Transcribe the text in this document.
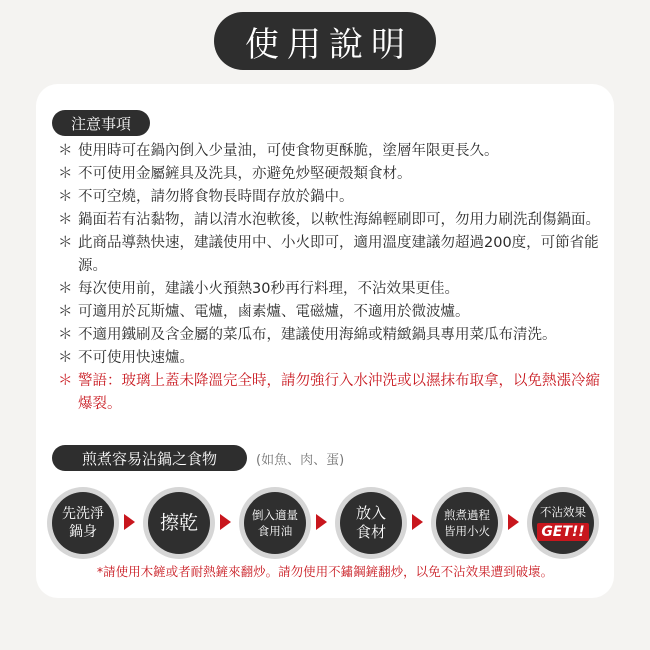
使用說明
注意事項
＊ 使用時可在鍋內倒入少量油，可使食物更酥脆，塗層年限更長久。
＊ 不可使用金屬鏟具及洗具，亦避免炒堅硬殼類食材。
＊ 不可空燒，請勿將食物長時間存放於鍋中。
＊ 鍋面若有沾黏物，請以清水泡軟後，以軟性海綿輕刷即可，勿用力刷洗刮傷鍋面。
＊ 此商品導熱快速，建議使用中、小火即可，適用溫度建議勿超過200度，可節省能源。
＊ 每次使用前，建議小火預熱30秒再行料理，不沾效果更佳。
＊ 可適用於瓦斯爐、電爐，鹵素爐、電磁爐，不適用於微波爐。
＊ 不適用鐵刷及含金屬的菜瓜布，建議使用海綿或精緻鍋具專用菜瓜布清洗。
＊ 不可使用快速爐。
＊ 警語：玻璃上蓋未降溫完全時，請勿強行入水沖洗或以濕抹布取拿，以免熱漲冷縮爆裂。
煎煮容易沾鍋之食物	(如魚、肉、蛋)
先洗淨
鍋身	擦乾	倒入適量
食用油
放入
食材
煎煮過程
皆用小火
不沾效果
GET!!
*請使用木鏟或者耐熱鏟來翻炒。請勿使用不鏽鋼鏟翻炒，以免不沾效果遭到破壞。
